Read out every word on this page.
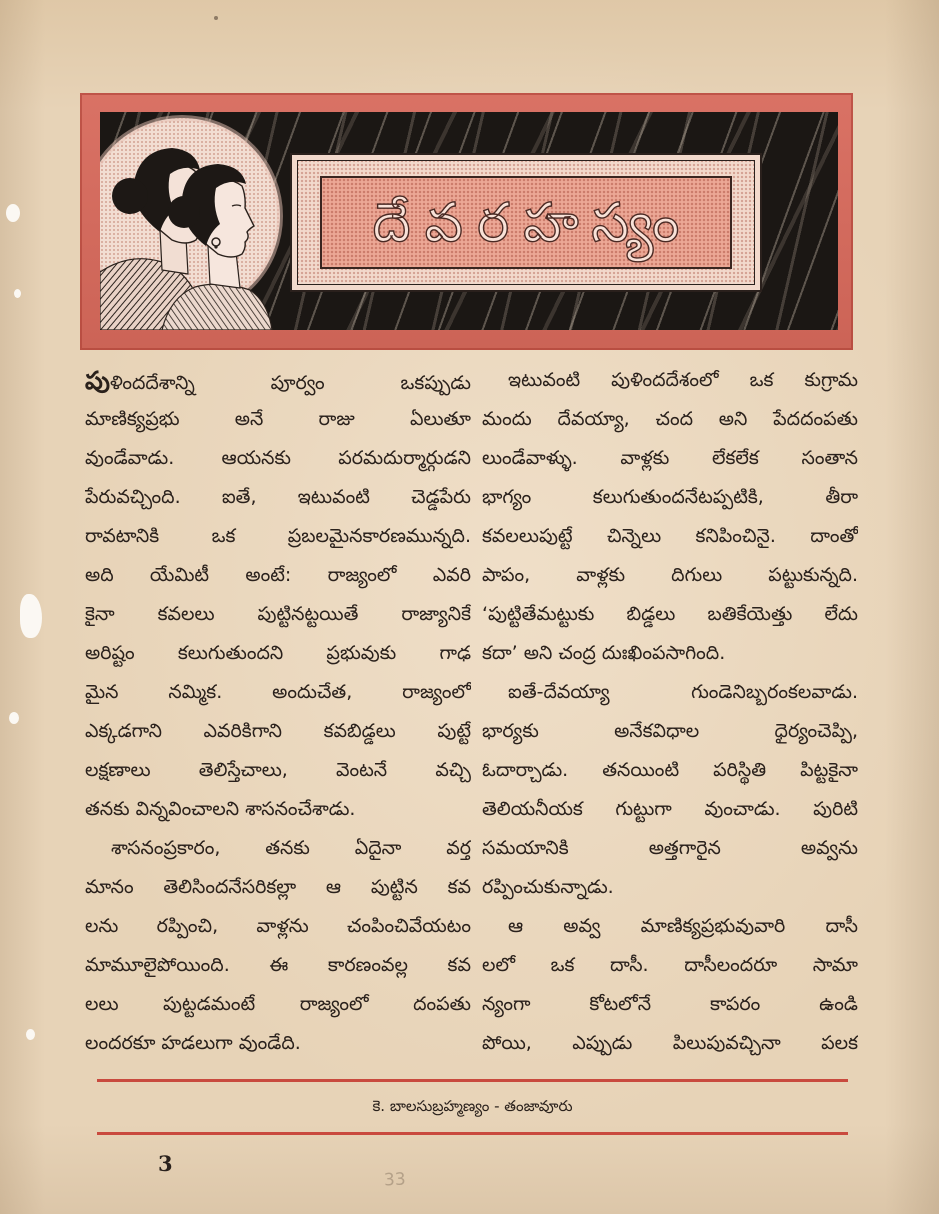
దేవరహస్యం
పుళిందదేశాన్ని పూర్వం ఒకప్పుడు
మాణిక్యప్రభు అనే రాజు ఏలుతూ
వుండేవాడు. ఆయనకు పరమదుర్మార్గుడని
పేరువచ్చింది. ఐతే, ఇటువంటి చెడ్డపేరు
రావటానికి ఒక ప్రబలమైనకారణమున్నది.
అది యేమిటీ అంటే: రాజ్యంలో ఎవరి
కైనా కవలలు పుట్టినట్టయితే రాజ్యానికే
అరిష్టం కలుగుతుందని ప్రభువుకు గాఢ
మైన నమ్మిక. అందుచేత, రాజ్యంలో
ఎక్కడగాని ఎవరికిగాని కవబిడ్డలు పుట్టే
లక్షణాలు తెలిస్తేచాలు, వెంటనే వచ్చి
తనకు విన్నవించాలని శాసనంచేశాడు.
శాసనంప్రకారం, తనకు ఏదైనా వర్త
మానం తెలిసిందనేసరికల్లా ఆ పుట్టిన కవ
లను రప్పించి, వాళ్లను చంపించివేయటం
మామూలైపోయింది. ఈ కారణంవల్ల కవ
లలు పుట్టడమంటే రాజ్యంలో దంపతు
లందరకూ హడలుగా వుండేది.
ఇటువంటి పుళిందదేశంలో ఒక కుగ్రామ
మందు దేవయ్యా, చంద అని పేదదంపతు
లుండేవాళ్ళు. వాళ్లకు లేకలేక సంతాన
భాగ్యం కలుగుతుందనేటప్పటికి, తీరా
కవలలుపుట్టే చిన్నెలు కనిపించినై. దాంతో
పాపం, వాళ్లకు దిగులు పట్టుకున్నది.
‘పుట్టితేమట్టుకు బిడ్డలు బతికేయెత్తు లేదు
కదా’ అని చంద్ర దుఃఖింపసాగింది.
ఐతే-దేవయ్యా గుండెనిబ్బరంకలవాడు.
భార్యకు అనేకవిధాల ధైర్యంచెప్పి,
ఓదార్చాడు. తనయింటి పరిస్థితి పిట్టకైనా
తెలియనీయక గుట్టుగా వుంచాడు. పురిటి
సమయానికి అత్తగారైన అవ్వను
రప్పించుకున్నాడు.
ఆ అవ్వ మాణిక్యప్రభువువారి దాసీ
లలో ఒక దాసీ. దాసీలందరూ సామా
న్యంగా కోటలోనే కాపరం ఉండి
పోయి, ఎప్పుడు పిలుపువచ్చినా పలక
కె. బాలసుబ్రహ్మణ్యం - తంజావూరు
3
33
